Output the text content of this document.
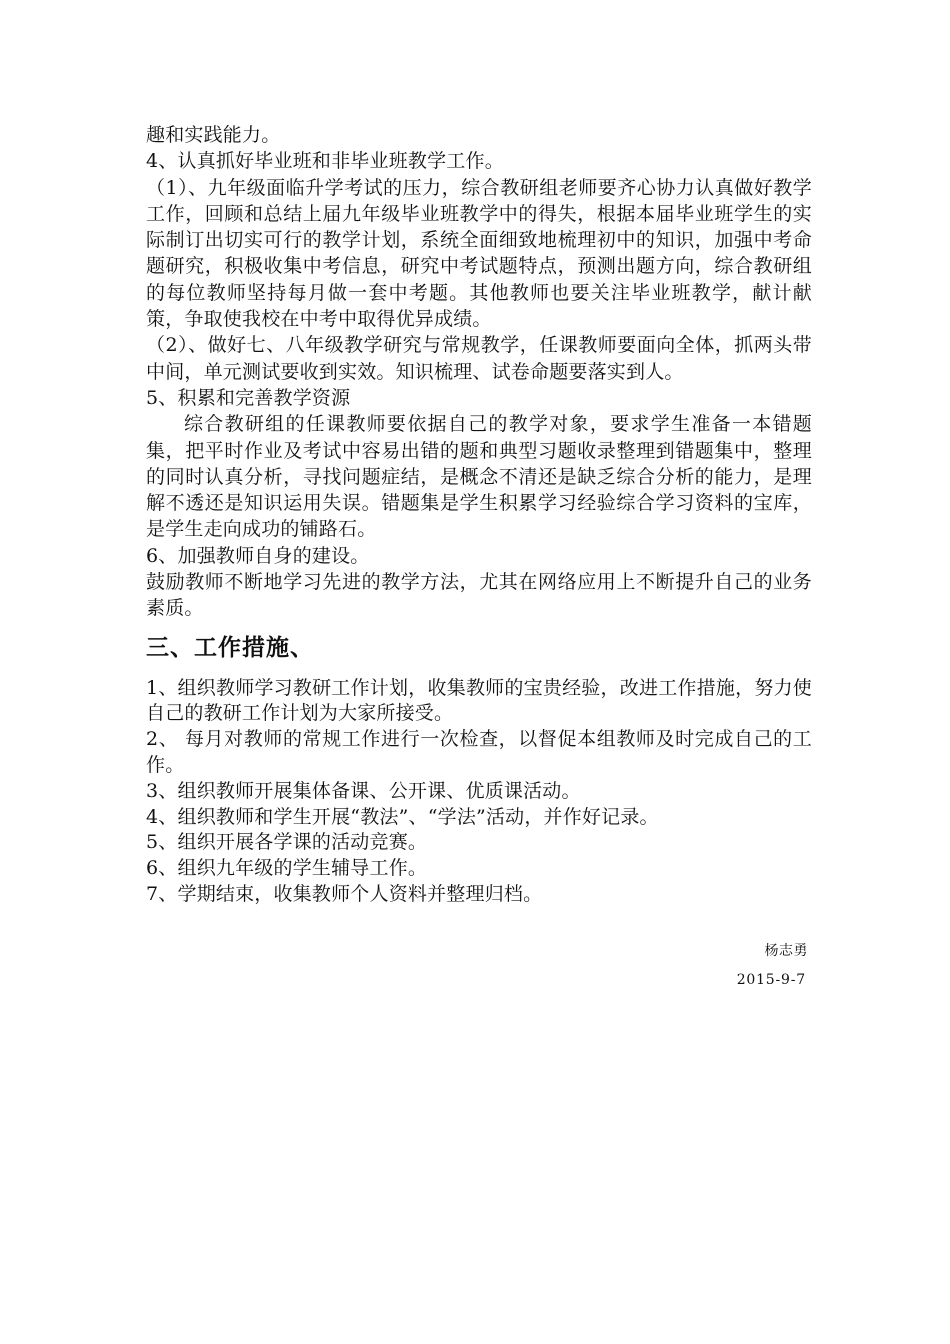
趣和实践能力。

4、认真抓好毕业班和非毕业班教学工作。

（1）、九年级面临升学考试的压力，综合教研组老师要齐心协力认真做好教学工作，回顾和总结上届九年级毕业班教学中的得失，根据本届毕业班学生的实际制订出切实可行的教学计划，系统全面细致地梳理初中的知识，加强中考命题研究，积极收集中考信息，研究中考试题特点，预测出题方向，综合教研组的每位教师坚持每月做一套中考题。其他教师也要关注毕业班教学，献计献策，争取使我校在中考中取得优异成绩。

（2）、做好七、八年级教学研究与常规教学，任课教师要面向全体，抓两头带中间，单元测试要收到实效。知识梳理、试卷命题要落实到人。

5、积累和完善教学资源

综合教研组的任课教师要依据自己的教学对象，要求学生准备一本错题集，把平时作业及考试中容易出错的题和典型习题收录整理到错题集中，整理的同时认真分析，寻找问题症结，是概念不清还是缺乏综合分析的能力，是理解不透还是知识运用失误。错题集是学生积累学习经验综合学习资料的宝库，是学生走向成功的铺路石。

6、加强教师自身的建设。

鼓励教师不断地学习先进的教学方法，尤其在网络应用上不断提升自己的业务素质。

三、工作措施、

1、组织教师学习教研工作计划，收集教师的宝贵经验，改进工作措施，努力使自己的教研工作计划为大家所接受。

2、 每月对教师的常规工作进行一次检查，以督促本组教师及时完成自己的工作。

3、组织教师开展集体备课、公开课、优质课活动。

4、组织教师和学生开展“教法”、“学法”活动，并作好记录。

5、组织开展各学课的活动竞赛。

6、组织九年级的学生辅导工作。

7、学期结束，收集教师个人资料并整理归档。

杨志勇
2015-9-7
